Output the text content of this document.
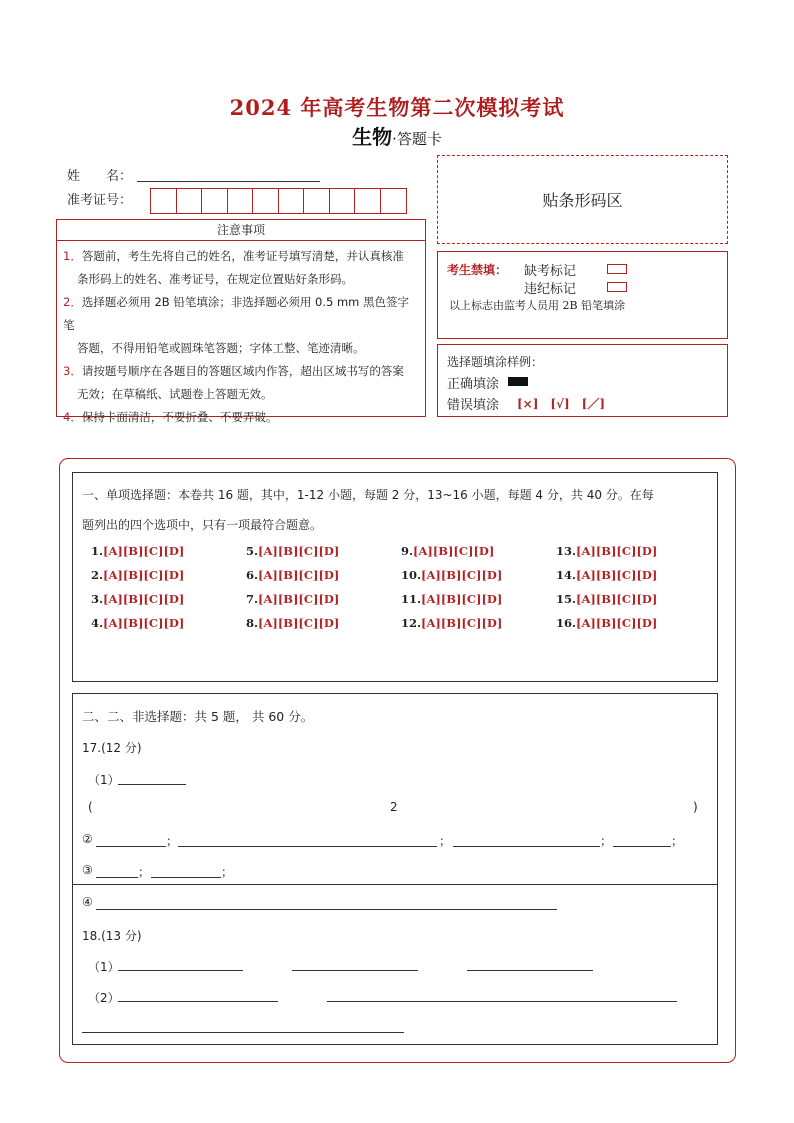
2024 年高考生物第二次模拟考试
生物·答题卡
姓　　名：
准考证号：	贴条形码区
注意事项
1．答题前，考生先将自己的姓名，准考证号填写清楚，并认真核准
条形码上的姓名、准考证号，在规定位置贴好条形码。
2．选择题必须用 2B 铅笔填涂；非选择题必须用 0.5 mm 黑色签字笔
答题，不得用铅笔或圆珠笔答题；字体工整、笔迹清晰。
3．请按题号顺序在各题目的答题区域内作答，超出区域书写的答案
无效；在草稿纸、试题卷上答题无效。
4．保持卡面清洁，不要折叠、不要弄破。
考生禁填： 缺考标记
违纪标记
以上标志由监考人员用 2B 铅笔填涂
选择题填涂样例：
正确填涂
错误填涂 [×]　[√]　[／]
一、单项选择题：本卷共 16 题，其中，1-12 小题，每题 2 分，13~16 小题，每题 4 分，共 40 分。在每
题列出的四个选项中，只有一项最符合题意。
1.[A][B][C][D]
2.[A][B][C][D]
3.[A][B][C][D]
4.[A][B][C][D]
5.[A][B][C][D]
6.[A][B][C][D]
7.[A][B][C][D]
8.[A][B][C][D]
9.[A][B][C][D]
10.[A][B][C][D]
11.[A][B][C][D]
12.[A][B][C][D]
13.[A][B][C][D]
14.[A][B][C][D]
15.[A][B][C][D]
16.[A][B][C][D]
二、二、非选择题：共 5 题， 共 60 分。
17.(12 分)
（1）
(	2	)
②	；	；	；	；
③	；	；
④
18.(13 分)
（1）
（2）
